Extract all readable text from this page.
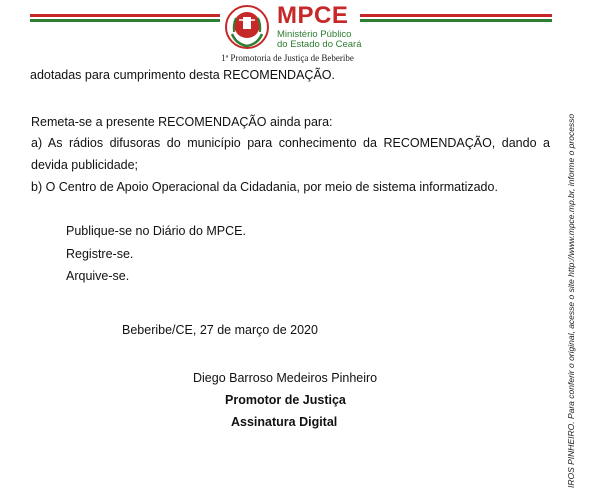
MPCE
Ministério Público
do Estado do Ceará
1ª Promotoria de Justiça de Beberibe
adotadas para cumprimento desta RECOMENDAÇÃO.
Remeta-se a presente RECOMENDAÇÃO ainda para:
a) As rádios difusoras do município para conhecimento da RECOMENDAÇÃO, dando a
devida publicidade;
b) O Centro de Apoio Operacional da Cidadania, por meio de sistema informatizado.
Publique-se no Diário do MPCE.
Registre-se.
Arquive-se.
Beberibe/CE, 27 de março de 2020
Diego Barroso Medeiros Pinheiro
Promotor de Justiça
Assinatura Digital	IROS PINHEIRO. Para conferir o original, acesse o site http://www.mpce.mp.br, informe o processo
